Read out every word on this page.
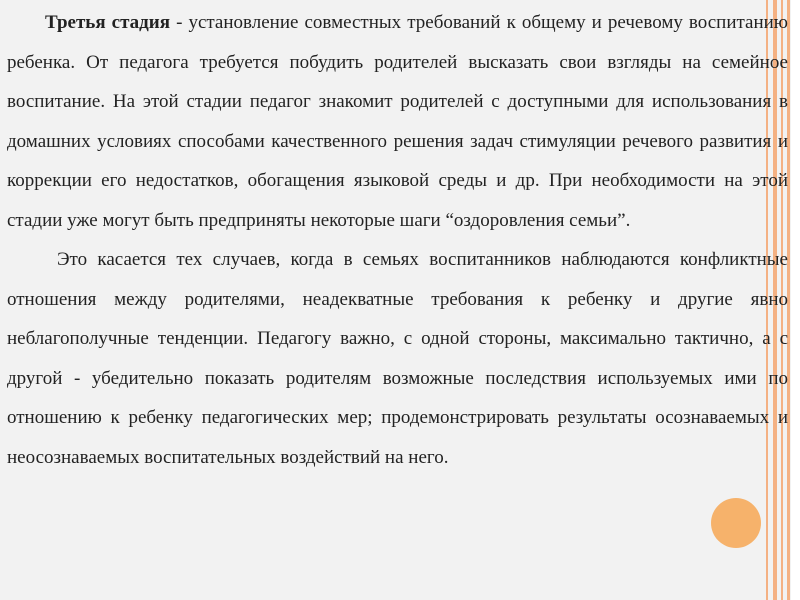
Третья стадия - установление совместных требований к общему и речевому воспитанию ребенка. От педагога требуется побудить родителей высказать свои взгляды на семейное воспитание. На этой стадии педагог знакомит родителей с доступными для использования в домашних условиях способами качественного решения задач стимуляции речевого развития и коррекции его недостатков, обогащения языковой среды и др. При необходимости на этой стадии уже могут быть предприняты некоторые шаги “оздоровления семьи”.

Это касается тех случаев, когда в семьях воспитанников наблюдаются конфликтные отношения между родителями, неадекватные требования к ребенку и другие явно неблагополучные тенденции. Педагогу важно, с одной стороны, максимально тактично, а с другой - убедительно показать родителям возможные последствия используемых ими по отношению к ребенку педагогических мер; продемонстрировать результаты осознаваемых и неосознаваемых воспитательных воздействий на него.
